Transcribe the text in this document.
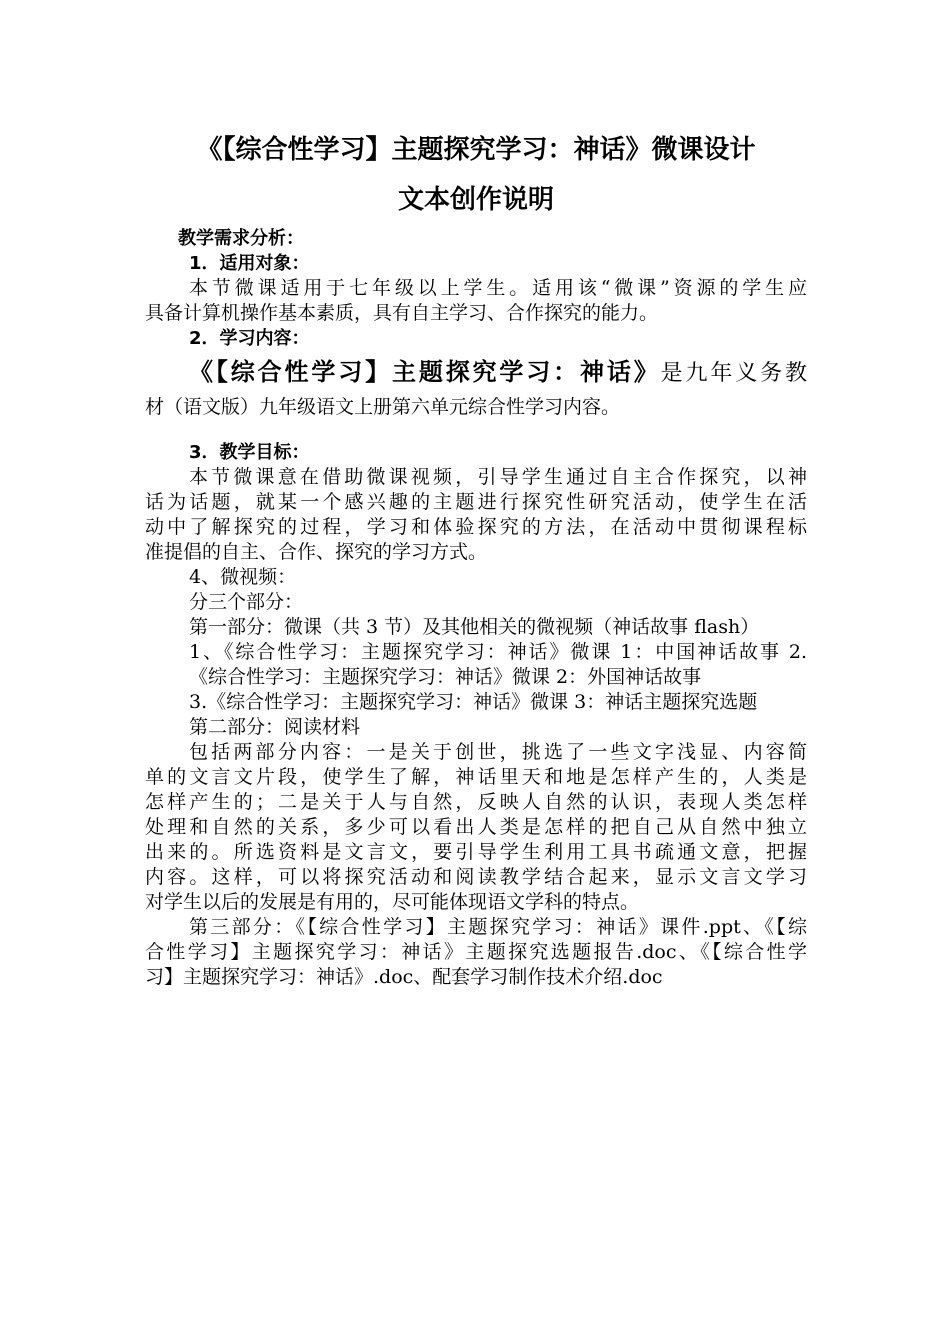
《【综合性学习】主题探究学习：神话》微课设计
文本创作说明
教学需求分析：
1．适用对象：
本节微课适用于七年级以上学生。适用该“微课”资源的学生应
具备计算机操作基本素质，具有自主学习、合作探究的能力。
2．学习内容：
《【综合性学习】主题探究学习：神话》是九年义务教
材（语文版）九年级语文上册第六单元综合性学习内容。
3．教学目标：
本节微课意在借助微课视频，引导学生通过自主合作探究，以神
话为话题，就某一个感兴趣的主题进行探究性研究活动，使学生在活
动中了解探究的过程，学习和体验探究的方法，在活动中贯彻课程标
准提倡的自主、合作、探究的学习方式。
4、微视频：
分三个部分：
第一部分：微课（共 3 节）及其他相关的微视频（神话故事 flash）
1、《综合性学习：主题探究学习：神话》微课 1：中国神话故事 2.
《综合性学习：主题探究学习：神话》微课 2：外国神话故事
3.《综合性学习：主题探究学习：神话》微课 3：神话主题探究选题
第二部分：阅读材料
包括两部分内容：一是关于创世，挑选了一些文字浅显、内容简
单的文言文片段，使学生了解，神话里天和地是怎样产生的，人类是
怎样产生的；二是关于人与自然，反映人自然的认识，表现人类怎样
处理和自然的关系，多少可以看出人类是怎样的把自己从自然中独立
出来的。所选资料是文言文，要引导学生利用工具书疏通文意，把握
内容。这样，可以将探究活动和阅读教学结合起来，显示文言文学习
对学生以后的发展是有用的，尽可能体现语文学科的特点。
第三部分：《【综合性学习】主题探究学习：神话》课件.ppt、《【综
合性学习】主题探究学习：神话》主题探究选题报告.doc、《【综合性学
习】主题探究学习：神话》.doc、配套学习制作技术介绍.doc
